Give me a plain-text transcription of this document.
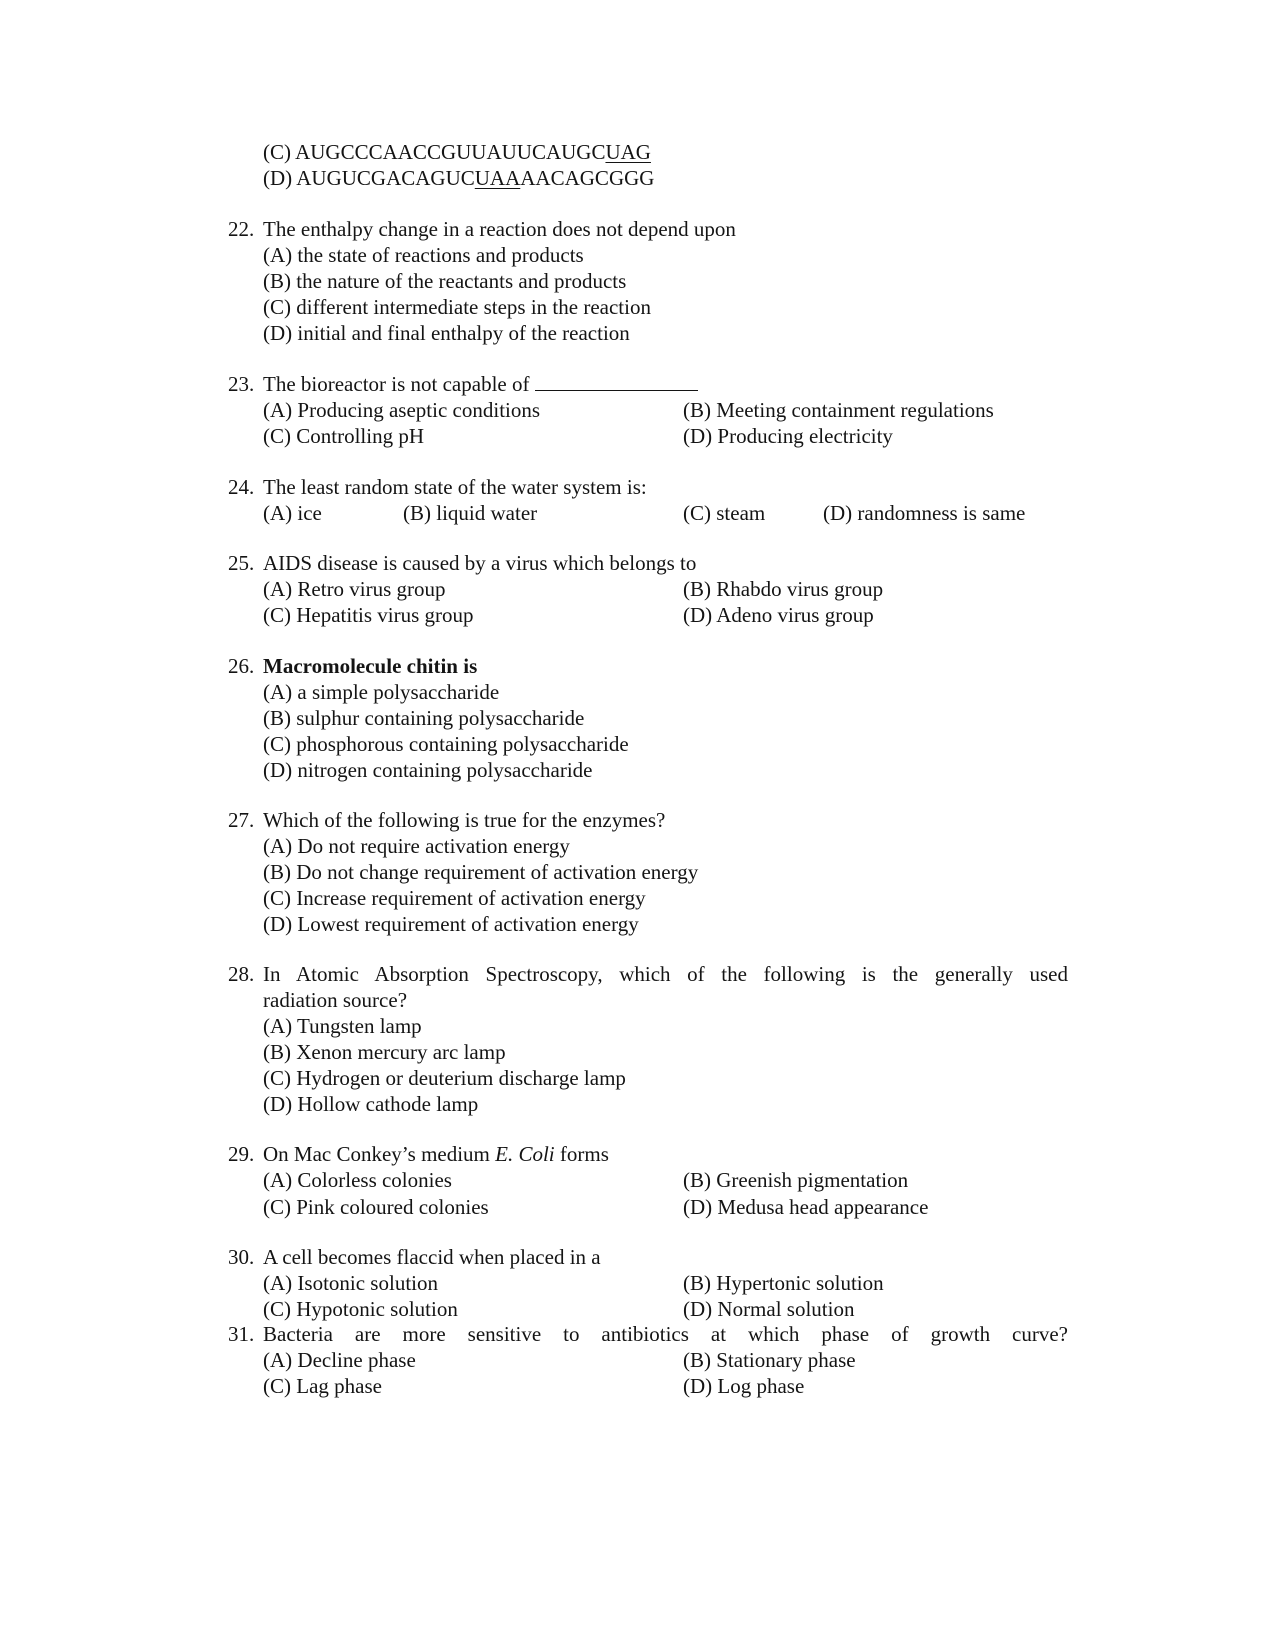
(C) AUGCCCAACCGUUAUUCAUGCUAG
(D) AUGUCGACAGUCUAAAACAGCGGG
22. The enthalpy change in a reaction does not depend upon
(A) the state of reactions and products
(B) the nature of the reactants and products
(C) different intermediate steps in the reaction
(D) initial and final enthalpy of the reaction
23. The bioreactor is not capable of
(A) Producing aseptic conditions	(B) Meeting containment regulations
(C) Controlling pH	(D) Producing electricity
24. The least random state of the water system is:
(A) ice	(B) liquid water	(C) steam	(D) randomness is same
25. AIDS disease is caused by a virus which belongs to
(A) Retro virus group	(B) Rhabdo virus group
(C) Hepatitis virus group	(D) Adeno virus group
26. Macromolecule chitin is
(A) a simple polysaccharide
(B) sulphur containing polysaccharide
(C) phosphorous containing polysaccharide
(D) nitrogen containing polysaccharide
27. Which of the following is true for the enzymes?
(A) Do not require activation energy
(B) Do not change requirement of activation energy
(C) Increase requirement of activation energy
(D) Lowest requirement of activation energy
28. In Atomic Absorption Spectroscopy, which of the following is the generally used
radiation source?
(A) Tungsten lamp
(B) Xenon mercury arc lamp
(C) Hydrogen or deuterium discharge lamp
(D) Hollow cathode lamp
29. On Mac Conkey’s medium E. Coli forms
(A) Colorless colonies	(B) Greenish pigmentation
(C) Pink coloured colonies	(D) Medusa head appearance
30. A cell becomes flaccid when placed in a
(A) Isotonic solution	(B) Hypertonic solution
(C) Hypotonic solution	(D) Normal solution
31. Bacteria are more sensitive to antibiotics at which phase of growth curve?
(A) Decline phase	(B) Stationary phase
(C) Lag phase	(D) Log phase
